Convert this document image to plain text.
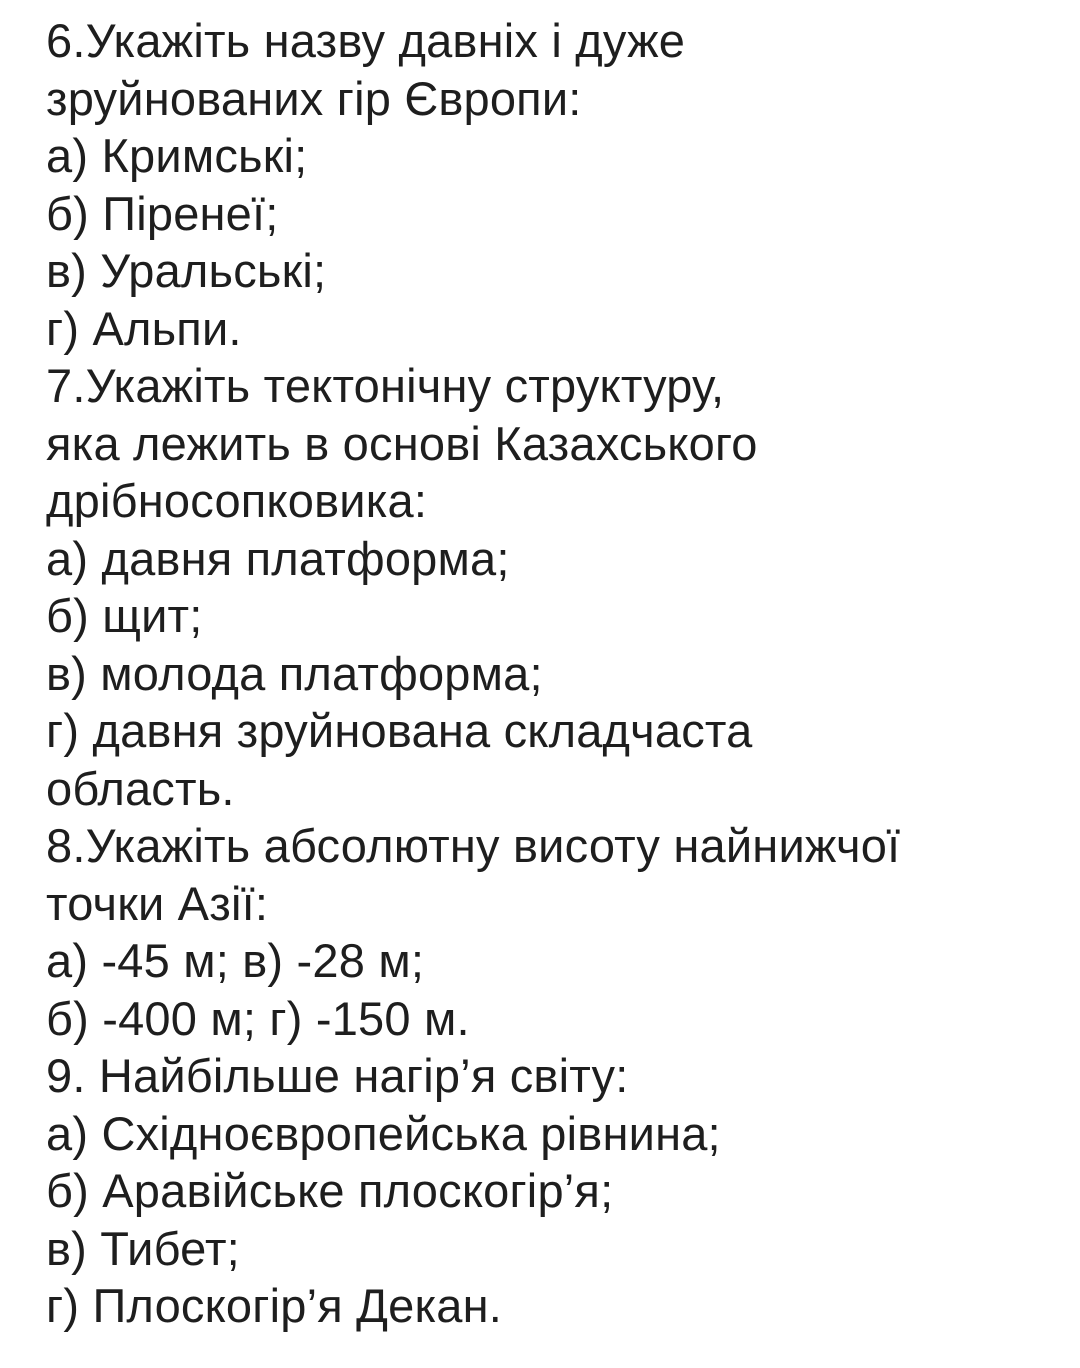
6.Укажіть назву давніх і дуже
зруйнованих гір Європи:
а) Кримські;
б) Піренеї;
в) Уральські;
г) Альпи.
7.Укажіть тектонічну структуру,
яка лежить в основі Казахського
дрібносопковика:
а) давня платформа;
б) щит;
в) молода платформа;
г) давня зруйнована складчаста
область.
8.Укажіть абсолютну висоту найнижчої
точки Азії:
а) -45 м; в) -28 м;
б) -400 м; г) -150 м.
9. Найбільше нагір’я світу:
а) Східноєвропейська рівнина;
б) Аравійське плоскогір’я;
в) Тибет;
г) Плоскогір’я Декан.
